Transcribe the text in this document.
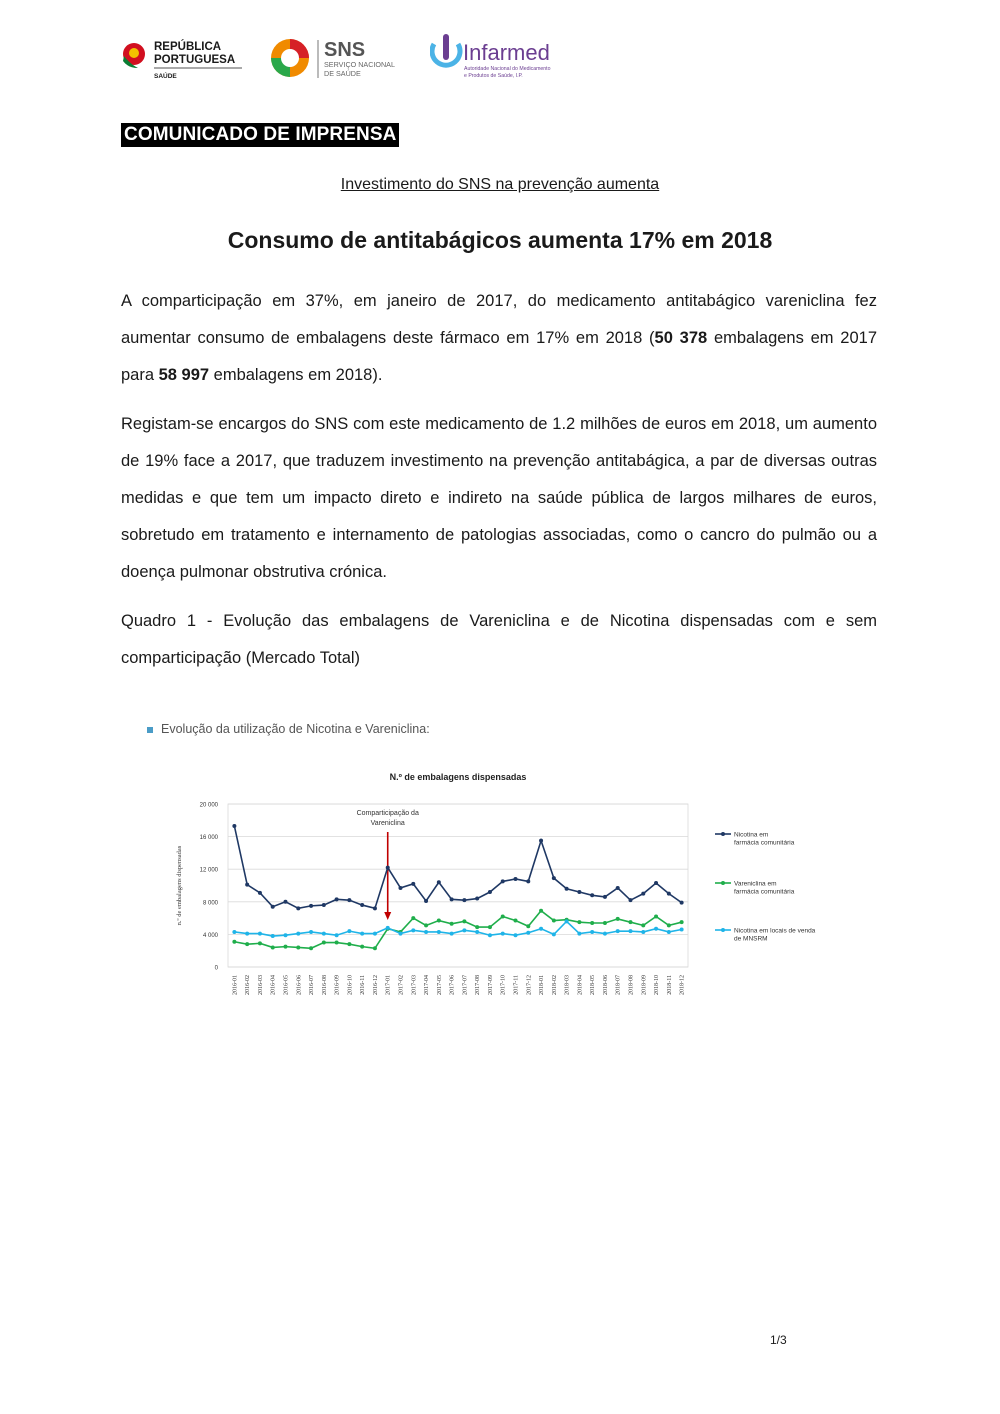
REPÚBLICA
PORTUGUESA
SAÚDE
SNS
SERVIÇO NACIONAL
DE SAÚDE
Infarmed
Autoridade Nacional do Medicamento
e Produtos de Saúde, I.P.
COMUNICADO DE IMPRENSA
Investimento do SNS na prevenção aumenta
Consumo de antitabágicos aumenta 17% em 2018

A comparticipação em 37%, em janeiro de 2017, do medicamento antitabágico vareniclina fez aumentar consumo de embalagens deste fármaco em 17% em 2018 (50 378 embalagens em 2017 para 58 997 embalagens em 2018).

Registam-se encargos do SNS com este medicamento de 1.2 milhões de euros em 2018, um aumento de 19% face a 2017, que traduzem investimento na prevenção antitabágica, a par de diversas outras medidas e que tem um impacto direto e indireto na saúde pública de largos milhares de euros, sobretudo em tratamento e internamento de patologias associadas, como o cancro do pulmão ou a doença pulmonar obstrutiva crónica.

Quadro 1 - Evolução das embalagens de Vareniclina e de Nicotina dispensadas com e sem comparticipação (Mercado Total)

Evolução da utilização de Nicotina e Vareniclina:
N.º de embalagens dispensadas
0
4 000
8 000
12 000
16 000
20 000
n.º de embalagens dispensadas
2016-01 2016-02 2016-03 2016-04 2016-05 2016-06 2016-07 2016-08 2016-09 2016-10 2016-11 2016-12 2017-01 2017-02 2017-03 2017-04 2017-05 2017-06 2017-07 2017-08 2017-09 2017-10 2017-11 2017-12 2018-01 2018-02 2018-03 2018-04 2018-05 2018-06 2018-07 2018-08 2018-09 2018-10 2018-11 2018-12
Comparticipação da
Vareniclina
Nicotina em farmácia comunitária
Vareniclina em farmácia comunitária
Nicotina em locais de venda de MNSRM
1/3
